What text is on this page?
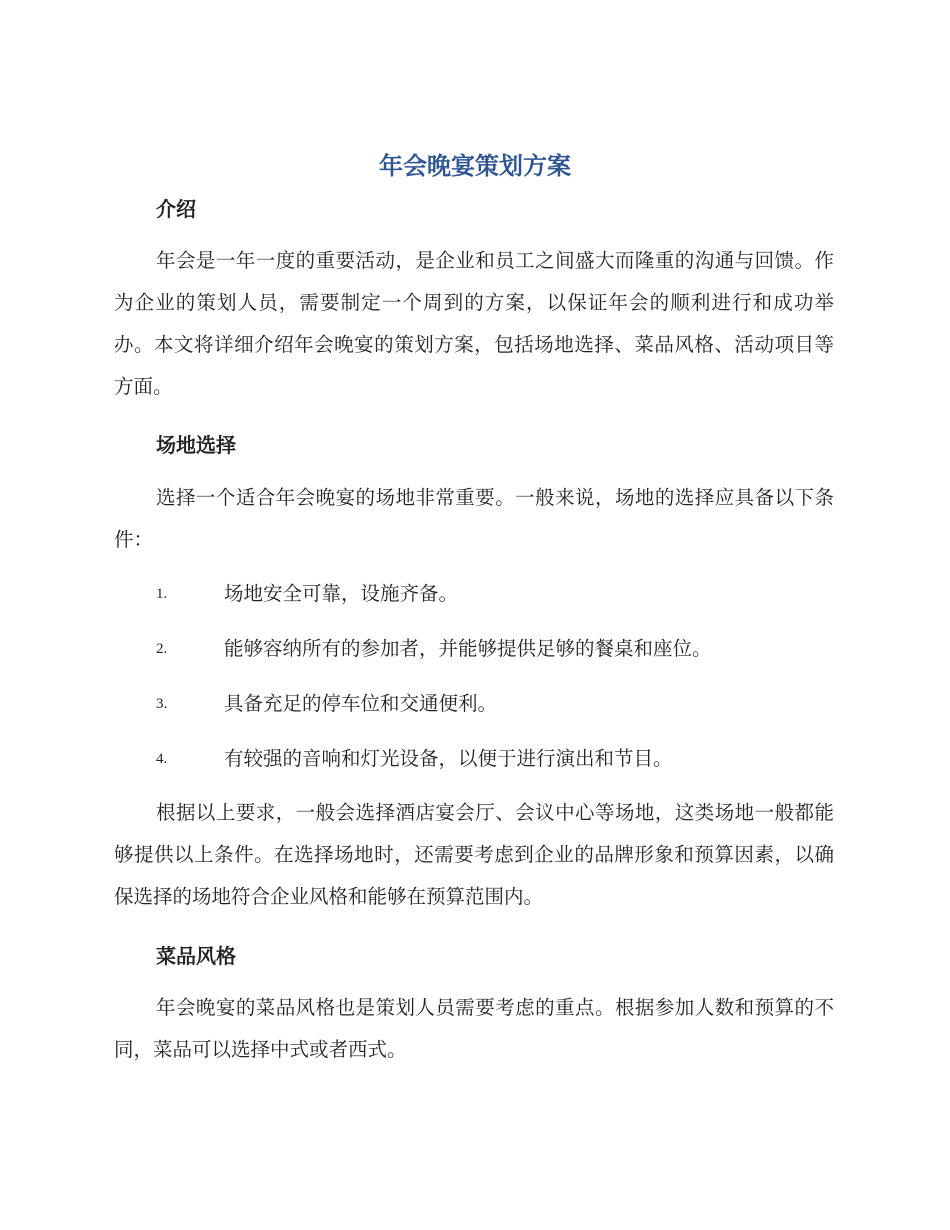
年会晚宴策划方案
介绍

年会是一年一度的重要活动，是企业和员工之间盛大而隆重的沟通与回馈。作为企业的策划人员，需要制定一个周到的方案，以保证年会的顺利进行和成功举办。本文将详细介绍年会晚宴的策划方案，包括场地选择、菜品风格、活动项目等方面。

场地选择

选择一个适合年会晚宴的场地非常重要。一般来说，场地的选择应具备以下条件：

1.	场地安全可靠，设施齐备。
2.	能够容纳所有的参加者，并能够提供足够的餐桌和座位。
3.	具备充足的停车位和交通便利。
4.	有较强的音响和灯光设备，以便于进行演出和节目。

根据以上要求，一般会选择酒店宴会厅、会议中心等场地，这类场地一般都能够提供以上条件。在选择场地时，还需要考虑到企业的品牌形象和预算因素，以确保选择的场地符合企业风格和能够在预算范围内。

菜品风格

年会晚宴的菜品风格也是策划人员需要考虑的重点。根据参加人数和预算的不同，菜品可以选择中式或者西式。
